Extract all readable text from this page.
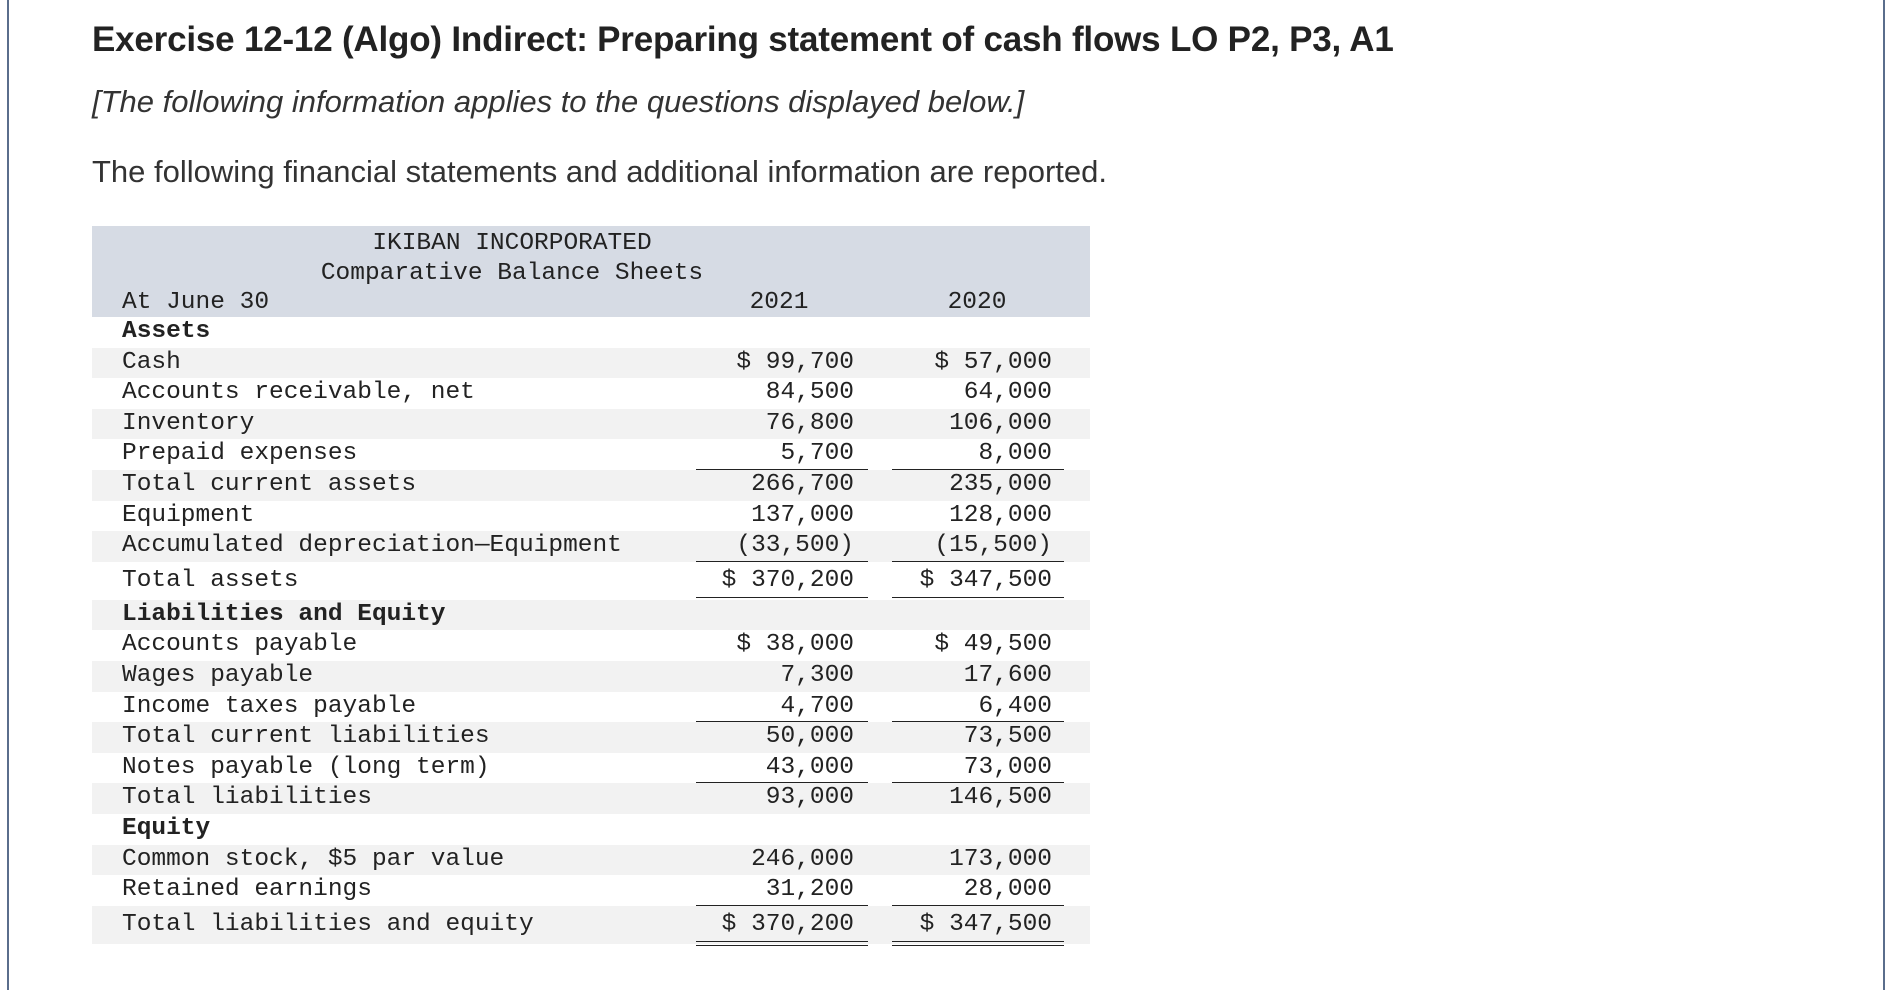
Exercise 12-12 (Algo) Indirect: Preparing statement of cash flows LO P2, P3, A1

[The following information applies to the questions displayed below.]

The following financial statements and additional information are reported.

IKIBAN INCORPORATED
Comparative Balance Sheets
At June 30	2021	2020
Assets
Cash	$ 99,700	$ 57,000
Accounts receivable, net	84,500	64,000
Inventory	76,800	106,000
Prepaid expenses	5,700	8,000
Total current assets	266,700	235,000
Equipment	137,000	128,000
Accumulated depreciation—Equipment	(33,500)	(15,500)
Total assets	$ 370,200	$ 347,500
Liabilities and Equity
Accounts payable	$ 38,000	$ 49,500
Wages payable	7,300	17,600
Income taxes payable	4,700	6,400
Total current liabilities	50,000	73,500
Notes payable (long term)	43,000	73,000
Total liabilities	93,000	146,500
Equity
Common stock, $5 par value	246,000	173,000
Retained earnings	31,200	28,000
Total liabilities and equity	$ 370,200	$ 347,500
